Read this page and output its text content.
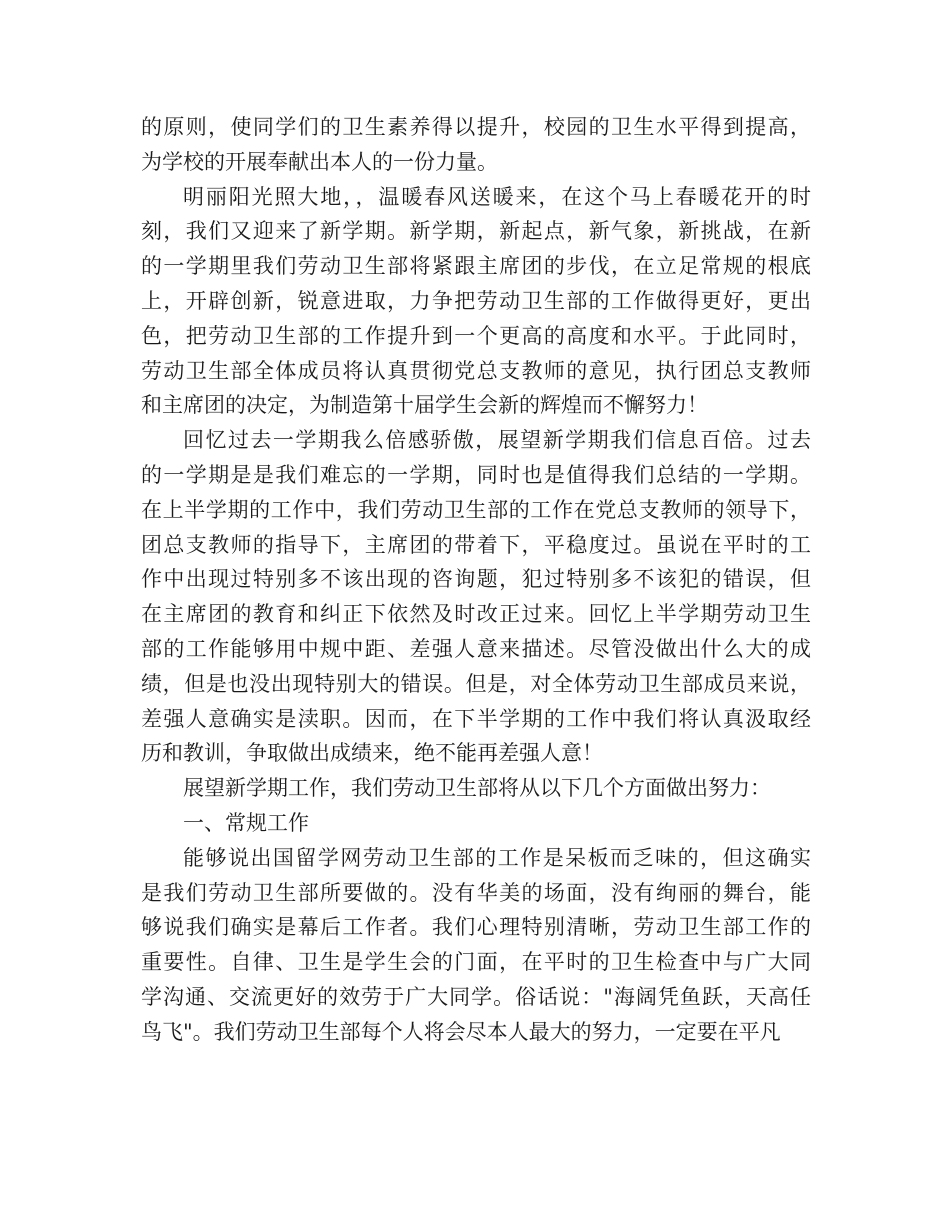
的原则，使同学们的卫生素养得以提升，校园的卫生水平得到提高，
为学校的开展奉献出本人的一份力量。
明丽阳光照大地，，温暖春风送暖来，在这个马上春暖花开的时
刻，我们又迎来了新学期。新学期，新起点，新气象，新挑战，在新
的一学期里我们劳动卫生部将紧跟主席团的步伐，在立足常规的根底
上，开辟创新，锐意进取，力争把劳动卫生部的工作做得更好，更出
色，把劳动卫生部的工作提升到一个更高的高度和水平。于此同时，
劳动卫生部全体成员将认真贯彻党总支教师的意见，执行团总支教师
和主席团的决定，为制造第十届学生会新的辉煌而不懈努力！
回忆过去一学期我么倍感骄傲，展望新学期我们信息百倍。过去
的一学期是是我们难忘的一学期，同时也是值得我们总结的一学期。
在上半学期的工作中，我们劳动卫生部的工作在党总支教师的领导下，
团总支教师的指导下，主席团的带着下，平稳度过。虽说在平时的工
作中出现过特别多不该出现的咨询题，犯过特别多不该犯的错误，但
在主席团的教育和纠正下依然及时改正过来。回忆上半学期劳动卫生
部的工作能够用中规中距、差强人意来描述。尽管没做出什么大的成
绩，但是也没出现特别大的错误。但是，对全体劳动卫生部成员来说，
差强人意确实是渎职。因而，在下半学期的工作中我们将认真汲取经
历和教训，争取做出成绩来，绝不能再差强人意！
展望新学期工作，我们劳动卫生部将从以下几个方面做出努力：
一、常规工作
能够说出国留学网劳动卫生部的工作是呆板而乏味的，但这确实
是我们劳动卫生部所要做的。没有华美的场面，没有绚丽的舞台，能
够说我们确实是幕后工作者。我们心理特别清晰，劳动卫生部工作的
重要性。自律、卫生是学生会的门面，在平时的卫生检查中与广大同
学沟通、交流更好的效劳于广大同学。俗话说："海阔凭鱼跃，天高任
鸟飞"。我们劳动卫生部每个人将会尽本人最大的努力，一定要在平凡
